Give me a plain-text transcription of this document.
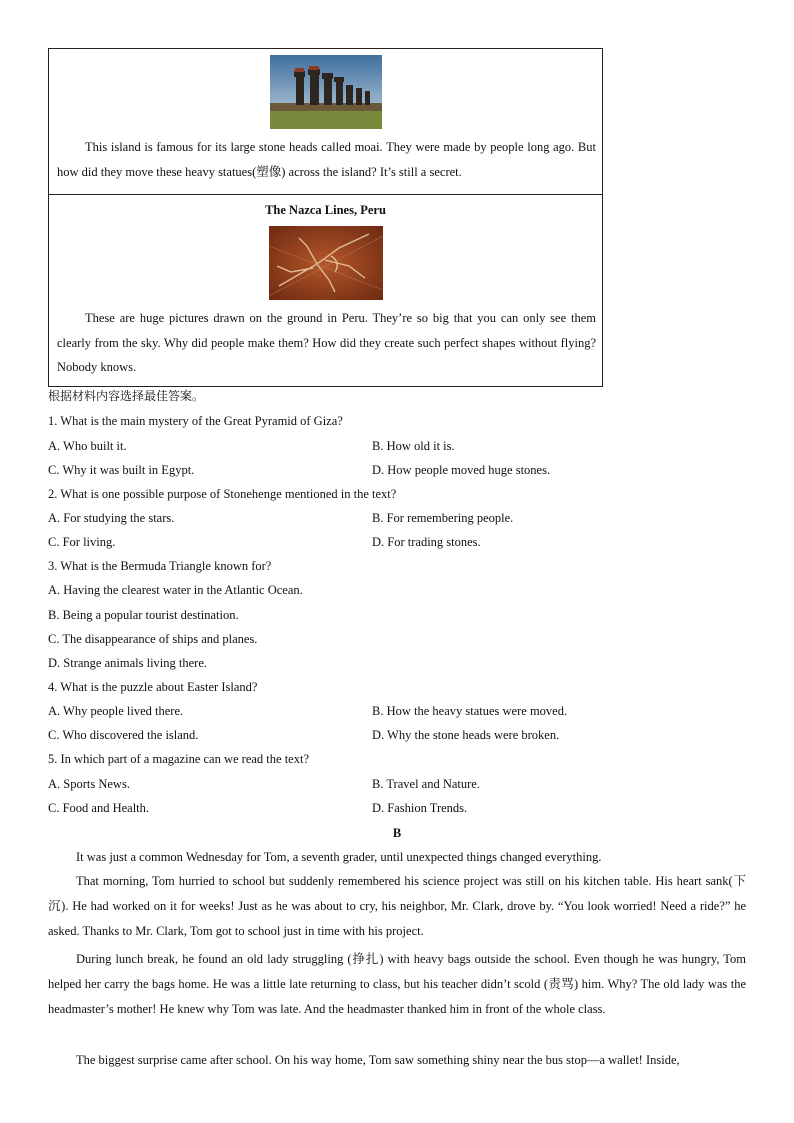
This island is famous for its large stone heads called moai. They were made by people long ago. But how did they move these heavy statues(塑像) across the island? It’s still a secret.
The Nazca Lines, Peru
These are huge pictures drawn on the ground in Peru. They’re so big that you can only see them clearly from the sky. Why did people make them? How did they create such perfect shapes without flying? Nobody knows.
根据材料内容选择最佳答案。
1. What is the main mystery of the Great Pyramid of Giza?
A. Who built it.	B. How old it is.
C. Why it was built in Egypt.	D. How people moved huge stones.
2. What is one possible purpose of Stonehenge mentioned in the text?
A. For studying the stars.	B. For remembering people.
C. For living.	D. For trading stones.
3. What is the Bermuda Triangle known for?
A. Having the clearest water in the Atlantic Ocean.
B. Being a popular tourist destination.
C. The disappearance of ships and planes.
D. Strange animals living there.
4. What is the puzzle about Easter Island?
A. Why people lived there.	B. How the heavy statues were moved.
C. Who discovered the island.	D. Why the stone heads were broken.
5. In which part of a magazine can we read the text?
A. Sports News.	B. Travel and Nature.
C. Food and Health.	D. Fashion Trends.
B
It was just a common Wednesday for Tom, a seventh grader, until unexpected things changed everything.
That morning, Tom hurried to school but suddenly remembered his science project was still on his kitchen table. His heart sank(下沉). He had worked on it for weeks! Just as he was about to cry, his neighbor, Mr. Clark, drove by. “You look worried! Need a ride?” he asked. Thanks to Mr. Clark, Tom got to school just in time with his project.
During lunch break, he found an old lady struggling (挣扎) with heavy bags outside the school. Even though he was hungry, Tom helped her carry the bags home. He was a little late returning to class, but his teacher didn’t scold (责骂) him. Why? The old lady was the headmaster’s mother! He knew why Tom was late. And the headmaster thanked him in front of the whole class.
The biggest surprise came after school. On his way home, Tom saw something shiny near the bus stop—a wallet! Inside,
